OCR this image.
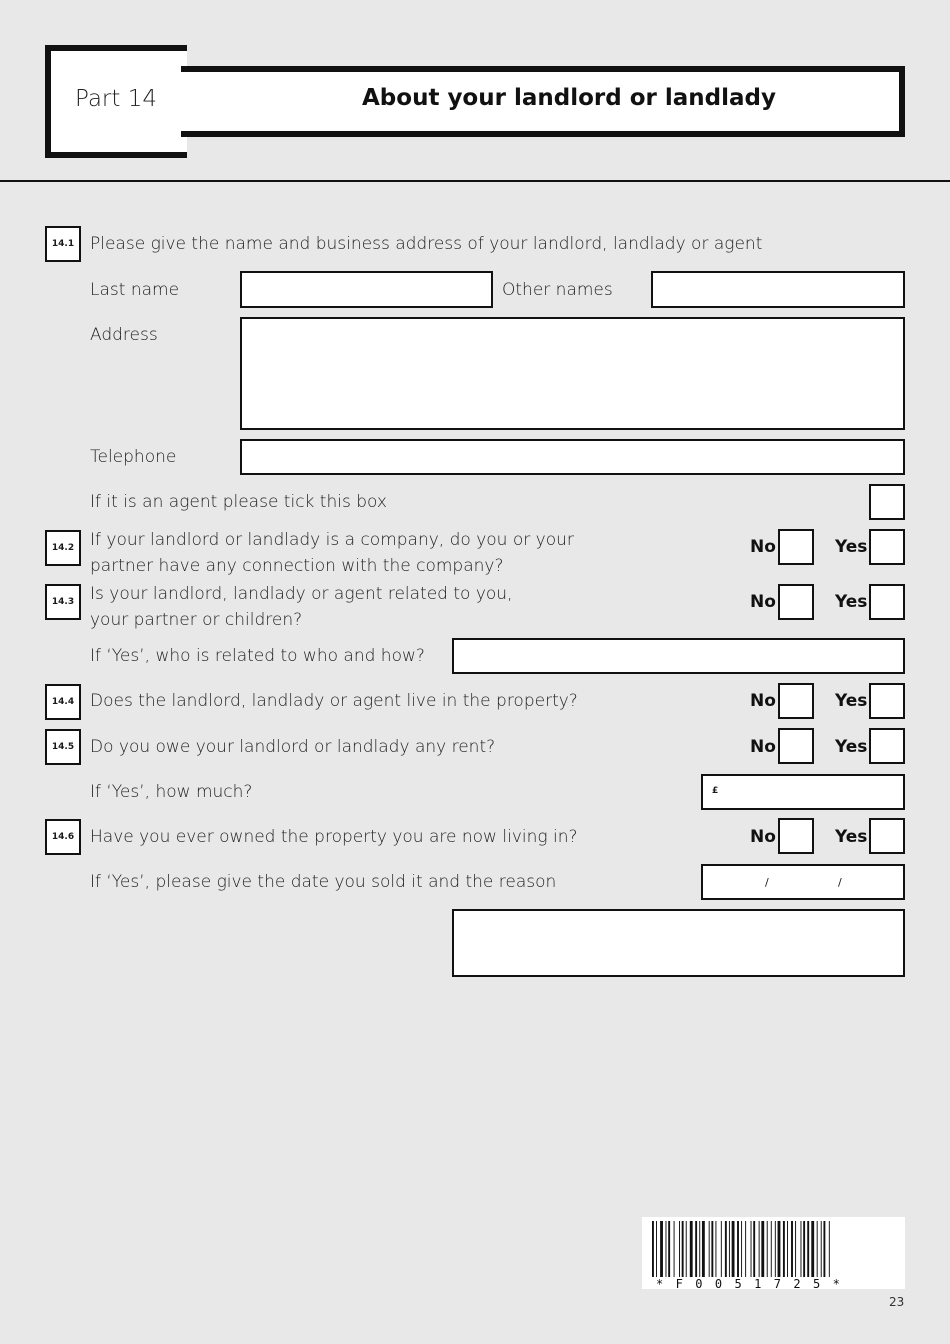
Part 14	About your landlord or landlady
14.1 Please give the name and business address of your landlord, landlady or agent
Last name	Other names
Address
Telephone
If it is an agent please tick this box
14.2 If your landlord or landlady is a company, do you or your
partner have any connection with the company?
No	Yes
14.3 Is your landlord, landlady or agent related to you,
your partner or children?
No	Yes
If ‘Yes’, who is related to who and how?
14.4 Does the landlord, landlady or agent live in the property?	No	Yes
14.5 Do you owe your landlord or landlady any rent?	No	Yes
If ‘Yes’, how much?	£
14.6 Have you ever owned the property you are now living in?	No	Yes
If ‘Yes’, please give the date you sold it and the reason	/	/
*F0051725*
23
